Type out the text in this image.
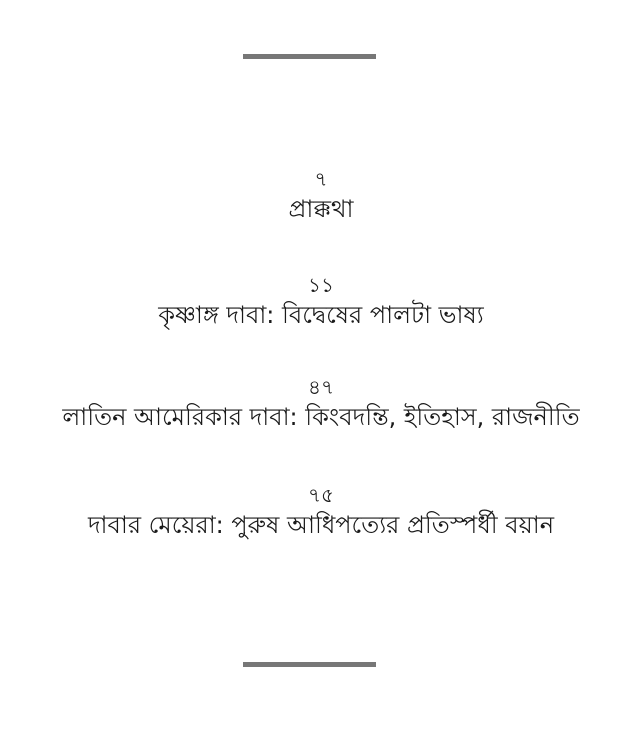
৭
প্রাক্কথা
১১
কৃষ্ণাঙ্গ দাবা: বিদ্বেষের পালটা ভাষ্য
৪৭
লাতিন আমেরিকার দাবা: কিংবদন্তি, ইতিহাস, রাজনীতি
৭৫
দাবার মেয়েরা: পুরুষ আধিপত্যের প্রতিস্পর্ধী বয়ান
